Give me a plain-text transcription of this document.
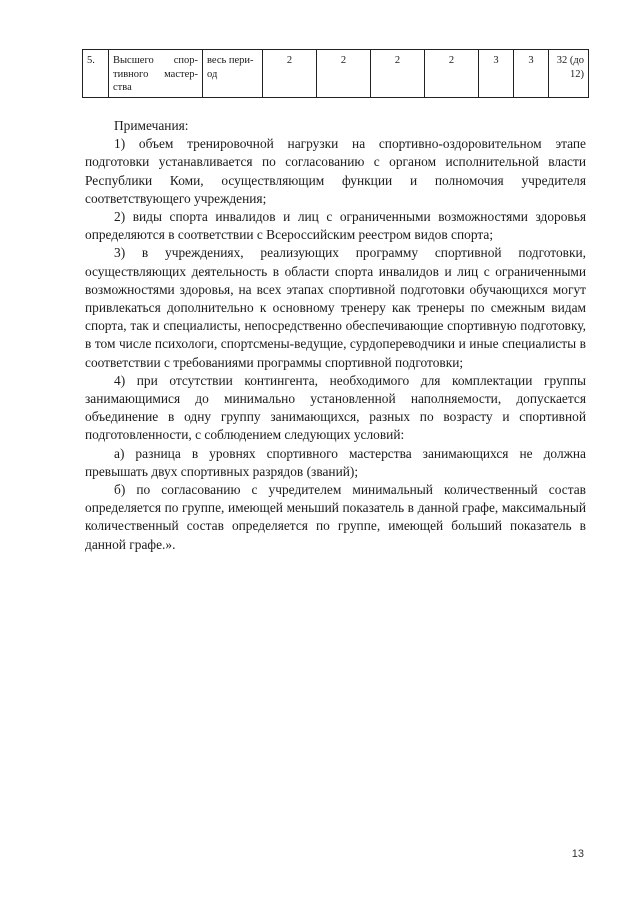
5.	Высшего спор-тивного мастер-ства	весь пери-од	2	2	2	2	3	3	32 (до 12)

Примечания:

1) объем тренировочной нагрузки на спортивно-оздоровительном этапе подготовки устанавливается по согласованию с органом исполнительной власти Республики Коми, осуществляющим функции и полномочия учредителя соответствующего учреждения;

2) виды спорта инвалидов и лиц с ограниченными возможностями здоровья определяются в соответствии с Всероссийским реестром видов спорта;

3) в учреждениях, реализующих программу спортивной подготовки, осуществляющих деятельность в области спорта инвалидов и лиц с ограниченными возможностями здоровья, на всех этапах спортивной подготовки обучающихся могут привлекаться дополнительно к основному тренеру как тренеры по смежным видам спорта, так и специалисты, непосредственно обеспечивающие спортивную подготовку, в том числе психологи, спортсмены-ведущие, сурдопереводчики и иные специалисты в соответствии с требованиями программы спортивной подготовки;

4) при отсутствии контингента, необходимого для комплектации группы занимающимися до минимально установленной наполняемости, допускается объединение в одну группу занимающихся, разных по возрасту и спортивной подготовленности, с соблюдением следующих условий:

а) разница в уровнях спортивного мастерства занимающихся не должна превышать двух спортивных разрядов (званий);

б) по согласованию с учредителем минимальный количественный состав определяется по группе, имеющей меньший показатель в данной графе, максимальный количественный состав определяется по группе, имеющей больший показатель в данной графе.».

13
